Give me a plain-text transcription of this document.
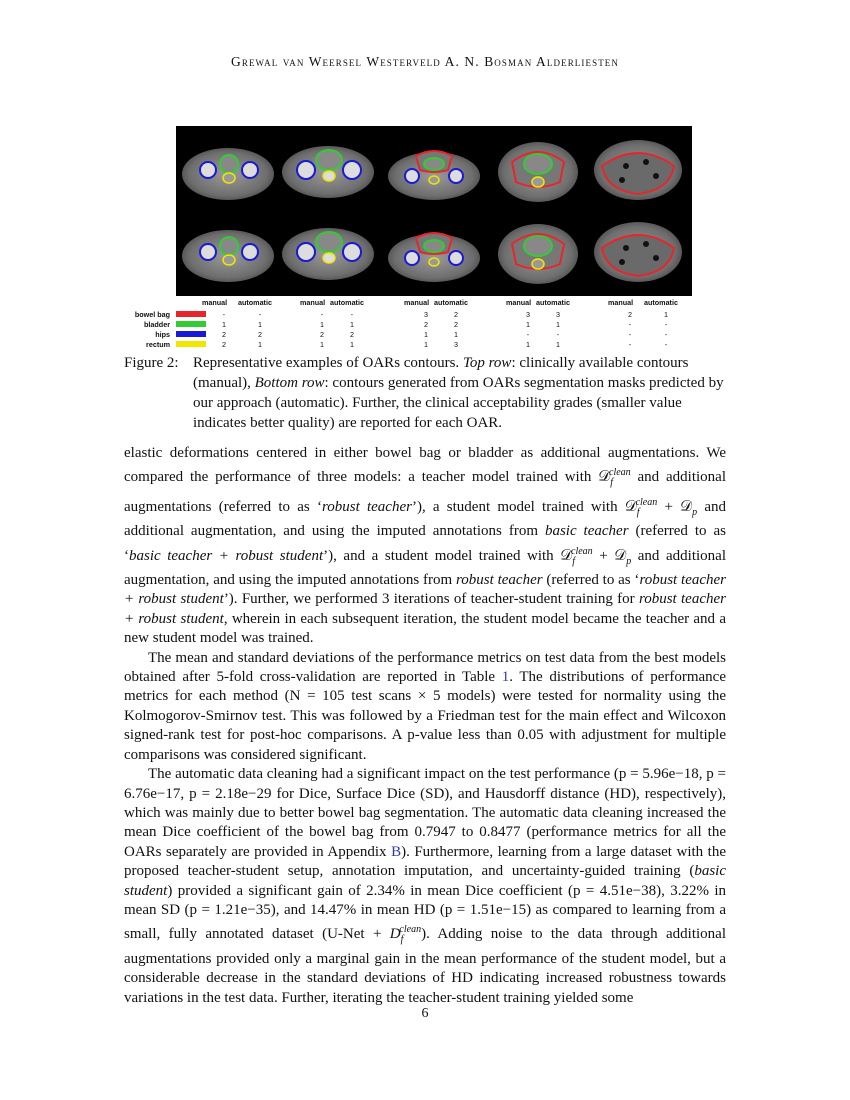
Grewal van Weersel Westerveld A. N. Bosman Alderliesten
manual automatic	manual automatic	manual automatic	manual automatic	manual automatic
bowel bag	-	-	-	-	3	2	3	3	2	1
bladder	1	1	1	1	2	2	1	1	-	-
hips	2	2	2	2	1	1	-	-	-	-
rectum	2	1	1	1	1	3	1	1	-	-
Figure 2: Representative examples of OARs contours. Top row: clinically available contours (manual), Bottom row: contours generated from OARs segmentation masks predicted by our approach (automatic). Further, the clinical acceptability grades (smaller value indicates better quality) are reported for each OAR.

elastic deformations centered in either bowel bag or bladder as additional augmentations. We compared the performance of three models: a teacher model trained with 𝒟$_f^{clean}$ and additional augmentations (referred to as ‘robust teacher’), a student model trained with 𝒟$_f^{clean}$ + 𝒟$_p$ and additional augmentation, and using the imputed annotations from basic teacher (referred to as ‘basic teacher + robust student’), and a student model trained with 𝒟$_f^{clean}$ + 𝒟$_p$ and additional augmentation, and using the imputed annotations from robust teacher (referred to as ‘robust teacher + robust student’). Further, we performed 3 iterations of teacher-student training for robust teacher + robust student, wherein in each subsequent iteration, the student model became the teacher and a new student model was trained.

The mean and standard deviations of the performance metrics on test data from the best models obtained after 5-fold cross-validation are reported in Table 1. The distributions of performance metrics for each method (N = 105 test scans × 5 models) were tested for normality using the Kolmogorov-Smirnov test. This was followed by a Friedman test for the main effect and Wilcoxon signed-rank test for post-hoc comparisons. A p-value less than 0.05 with adjustment for multiple comparisons was considered significant.

The automatic data cleaning had a significant impact on the test performance (p = 5.96e−18, p = 6.76e−17, p = 2.18e−29 for Dice, Surface Dice (SD), and Hausdorff distance (HD), respectively), which was mainly due to better bowel bag segmentation. The automatic data cleaning increased the mean Dice coefficient of the bowel bag from 0.7947 to 0.8477 (performance metrics for all the OARs separately are provided in Appendix B). Furthermore, learning from a large dataset with the proposed teacher-student setup, annotation imputation, and uncertainty-guided training (basic student) provided a significant gain of 2.34% in mean Dice coefficient (p = 4.51e−38), 3.22% in mean SD (p = 1.21e−35), and 14.47% in mean HD (p = 1.51e−15) as compared to learning from a small, fully annotated dataset $(U-Net + D_f^{clean})$. Adding noise to the data through additional augmentations provided only a marginal gain in the mean performance of the student model, but a considerable decrease in the standard deviations of HD indicating increased robustness towards variations in the test data. Further, iterating the teacher-student training yielded some

6
